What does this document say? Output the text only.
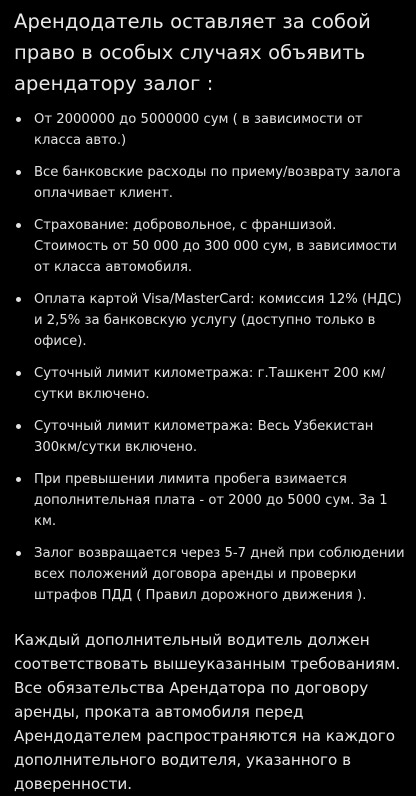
Арендодатель оставляет за собой право в особых случаях объявить арендатору залог :
От 2000000 до 5000000 сум ( в зависимости от класса авто.)
Все банковские расходы по приему/возврату залога оплачивает клиент.
Страхование: добровольное, с франшизой. Стоимость от 50 000 до 300 000 сум, в зависимости от класса автомобиля.
Оплата картой Visa/MasterCard: комиссия 12% (НДС) и 2,5% за банковскую услугу (доступно только в офисе).
Суточный лимит километража: г.Ташкент 200 км/сутки включено.
Суточный лимит километража: Весь Узбекистан 300км/сутки включено.
При превышении лимита пробега взимается дополнительная плата - от 2000 до 5000 сум. За 1 км.
Залог возвращается через 5-7 дней при соблюдении всех положений договора аренды и проверки штрафов ПДД ( Правил дорожного движения ).

Каждый дополнительный водитель должен соответствовать вышеуказанным требованиям. Все обязательства Арендатора по договору аренды, проката автомобиля перед Арендодателем распространяются на каждого дополнительного водителя, указанного в доверенности.
